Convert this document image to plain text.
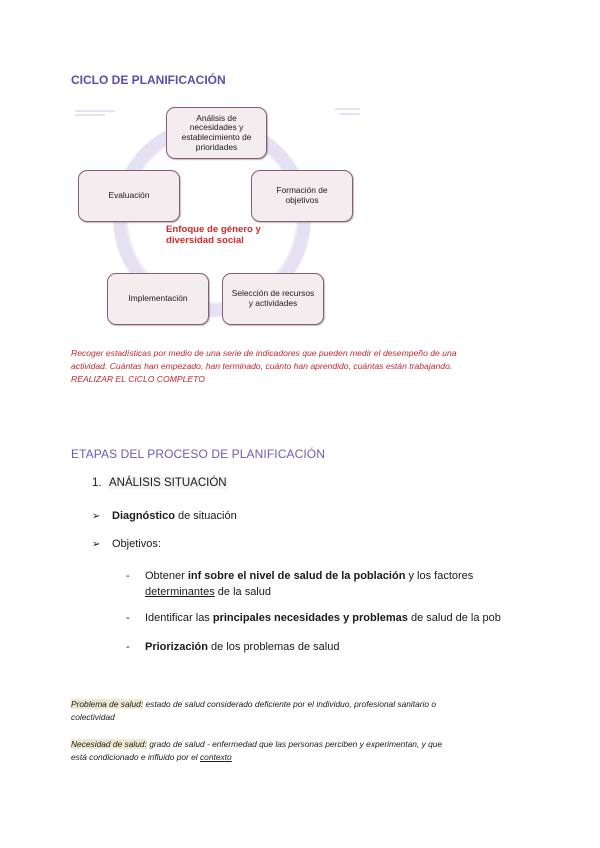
CICLO DE PLANIFICACIÓN
Análisis de
necesidades y
establecimiento de
prioridades
Formación de
objetivos
Selección de recursos
y actividades
Implementación
Evaluación
Enfoque de género y
diversidad social
Recoger estadísticas por medio de una serie de indicadores que pueden medir el desempeño de una
actividad. Cuántas han empezado, han terminado, cuánto han aprendido, cuántas están trabajando.
REALIZAR EL CICLO COMPLETO
ETAPAS DEL PROCESO DE PLANIFICACIÓN
1. ANÁLISIS SITUACIÓN
➢	Diagnóstico
de situación
➢	Objetivos:
-	Obtener inf sobre el nivel de salud de la población y los factores
determinantes de la salud
-	Identificar las principales necesidades y problemas de salud de la pob
-	Priorización de los problemas de salud
Problema de salud: estado de salud considerado deficiente por el individuo, profesional sanitario o
colectividad
Necesidad de salud: grado de salud - enfermedad que las personas perciben y experimentan, y que
está condicionado e influido por el contexto
